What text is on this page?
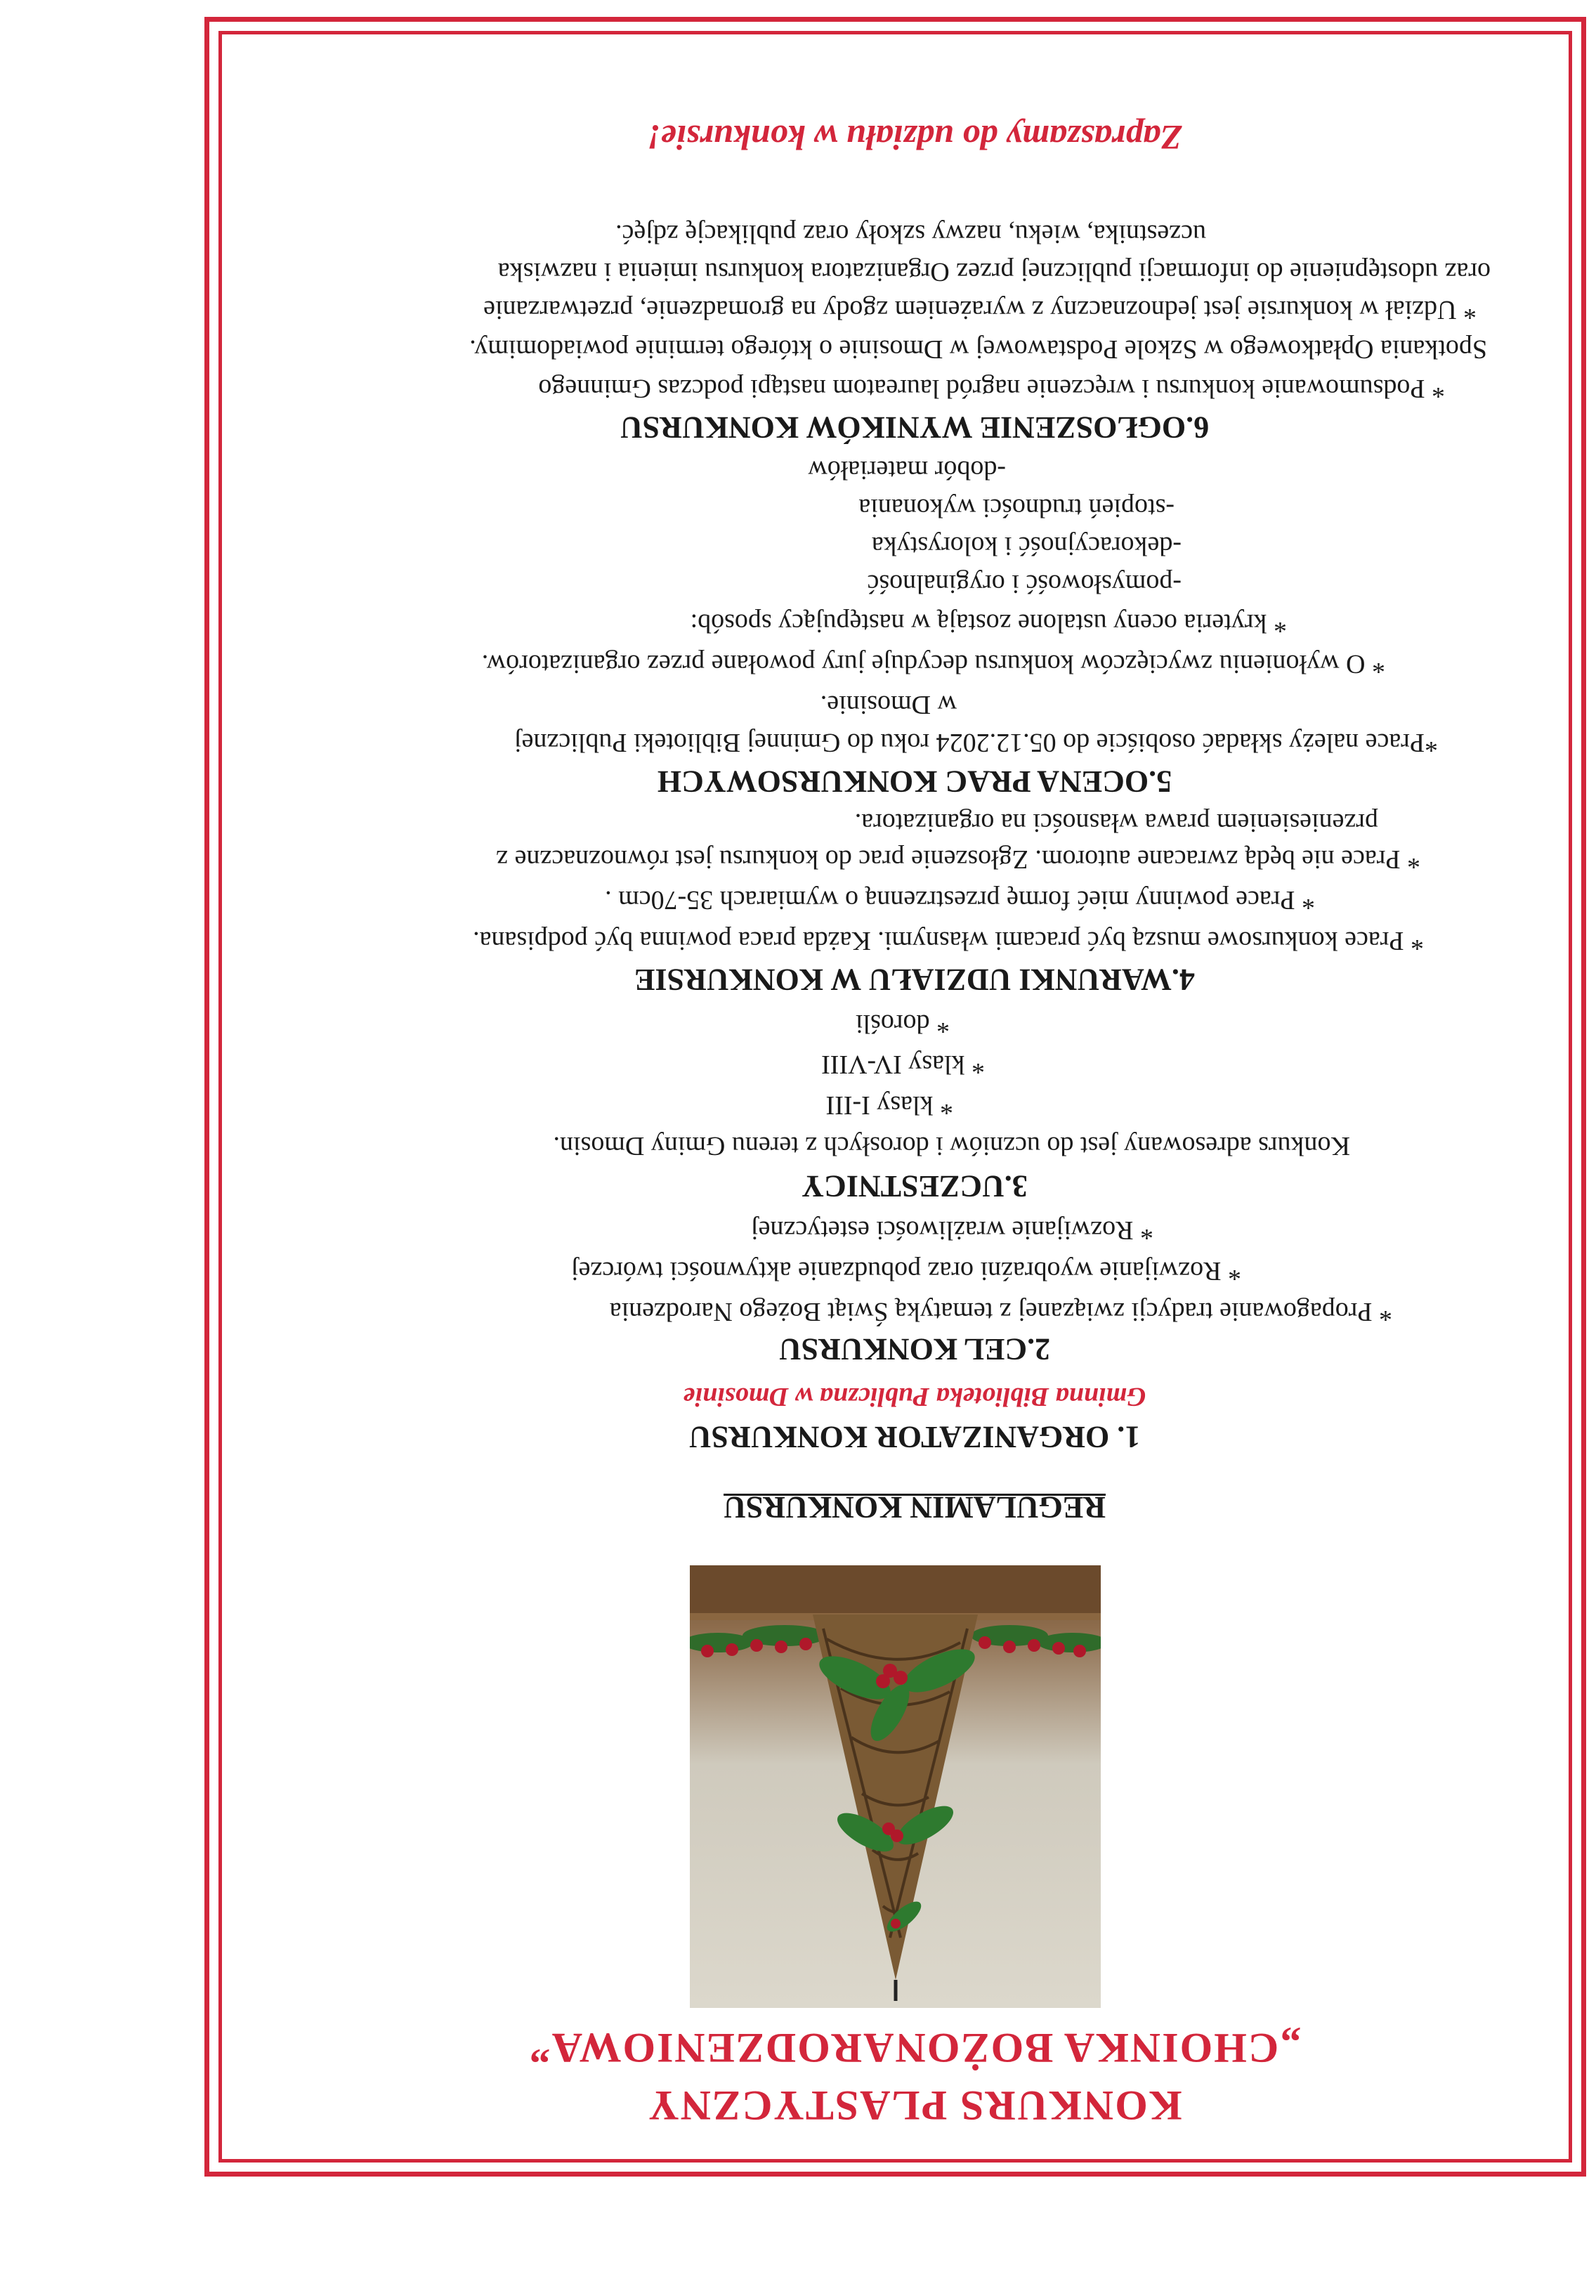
KONKURS PLASTYCZNY
„CHOINKA BOŻONARODZENIOWA”
REGULAMIN KONKURSU
1. ORGANIZATOR KONKURSU
Gminna Biblioteka Publiczna w Dmosinie
2.CEL KONKURSU
* Propagowanie tradycji związanej z tematyką Świąt Bożego Narodzenia
* Rozwijanie wyobraźni oraz pobudzanie aktywności twórczej
* Rozwijanie wrażliwości estetycznej
3.UCZESTNICY
Konkurs adresowany jest do uczniów i dorosłych z terenu Gminy Dmosin.
* klasy I-III
* klasy IV-VIII
* dorośli
4.WARUNKI UDZIAŁU W KONKURSIE
* Prace konkursowe muszą być pracami własnymi. Każda praca powinna być podpisana.
* Prace powinny mieć formę przestrzenną o wymiarach 35-70cm .
* Prace nie będą zwracane autorom. Zgłoszenie prac do konkursu jest równoznaczne z
przeniesieniem prawa własności na organizatora.
5.OCENA PRAC KONKURSOWYCH
*Prace należy składać osobiście do 05.12.2024 roku do Gminnej Biblioteki Publicznej
w Dmosinie.
* O wyłonieniu zwycięzców konkursu decyduje jury powołane przez organizatorów.
* kryteria oceny ustalone zostają w następujący sposób:
-pomysłowość i oryginalność
-dekoracyjność i kolorystyka
-stopień trudności wykonania
-dobór materiałów
6.OGŁOSZENIE WYNIKÓW KONKURSU
* Podsumowanie konkursu i wręczenie nagród laureatom nastąpi podczas Gminnego
Spotkania Opłatkowego w Szkole Podstawowej w Dmosinie o którego terminie powiadomimy.
* Udział w konkursie jest jednoznaczny z wyrażeniem zgody na gromadzenie, przetwarzanie
oraz udostępnienie do informacji publicznej przez Organizatora konkursu imienia i nazwiska
uczestnika, wieku, nazwy szkoły oraz publikację zdjęć.
Zapraszamy do udziału w konkursie!
